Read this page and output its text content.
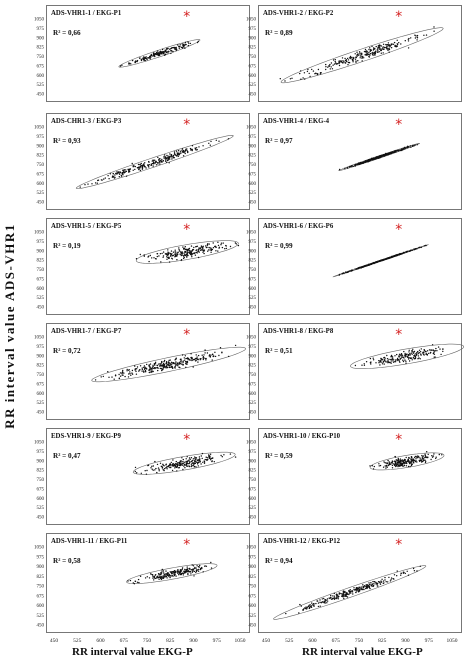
RR interval value ADS-VHR1
RR interval value EKG-P	RR interval value EKG-P
1050
975
900
825
750
675
600
525
450
ADS-VHR1-1 / EKG-P1
R² = 0,66
*	1050
975
900
825
750
675
600
525
450
ADS-VHR1-2 / EKG-P2
R² = 0,89
*
1050
975
900
825
750
675
600
525
450
ADS-CHR1-3 / EKG-P3
R² = 0,93
*	1050
975
900
825
750
675
600
525
450
ADS-VHR1-4 / EKG-4
R² = 0,97
*
1050
975
900
825
750
675
600
525
450
ADS-VHR1-5 / EKG-P5
R² = 0,19
*	1050
975
900
825
750
675
600
525
450
ADS-VHR1-6 / EKG-P6
R² = 0,99
*
1050
975
900
825
750
675
600
525
450
ADS-VHR1-7 / EKG-P7
R² = 0,72
*	1050
975
900
825
750
675
600
525
450
ADS-VHR1-8 / EKG-P8
R² = 0,51
*
1050
975
900
825
750
675
600
525
450
EDS-VHR1-9 / EKG-P9
R² = 0,47
*	1050
975
900
825
750
675
600
525
450
ADS-VHR1-10 / EKG-P10
R² = 0,59
*
1050
975
900
825
750
675
600
525
450
450	525	600	675	750	825	900	975 1050
ADS-VHR1-11 / EKG-P11
R² = 0,58
*	1050
975
900
825
750
675
600
525
450
450	525	600	675	750	825	900	975 1050
ADS-VHR1-12 / EKG-P12
R² = 0,94
*
